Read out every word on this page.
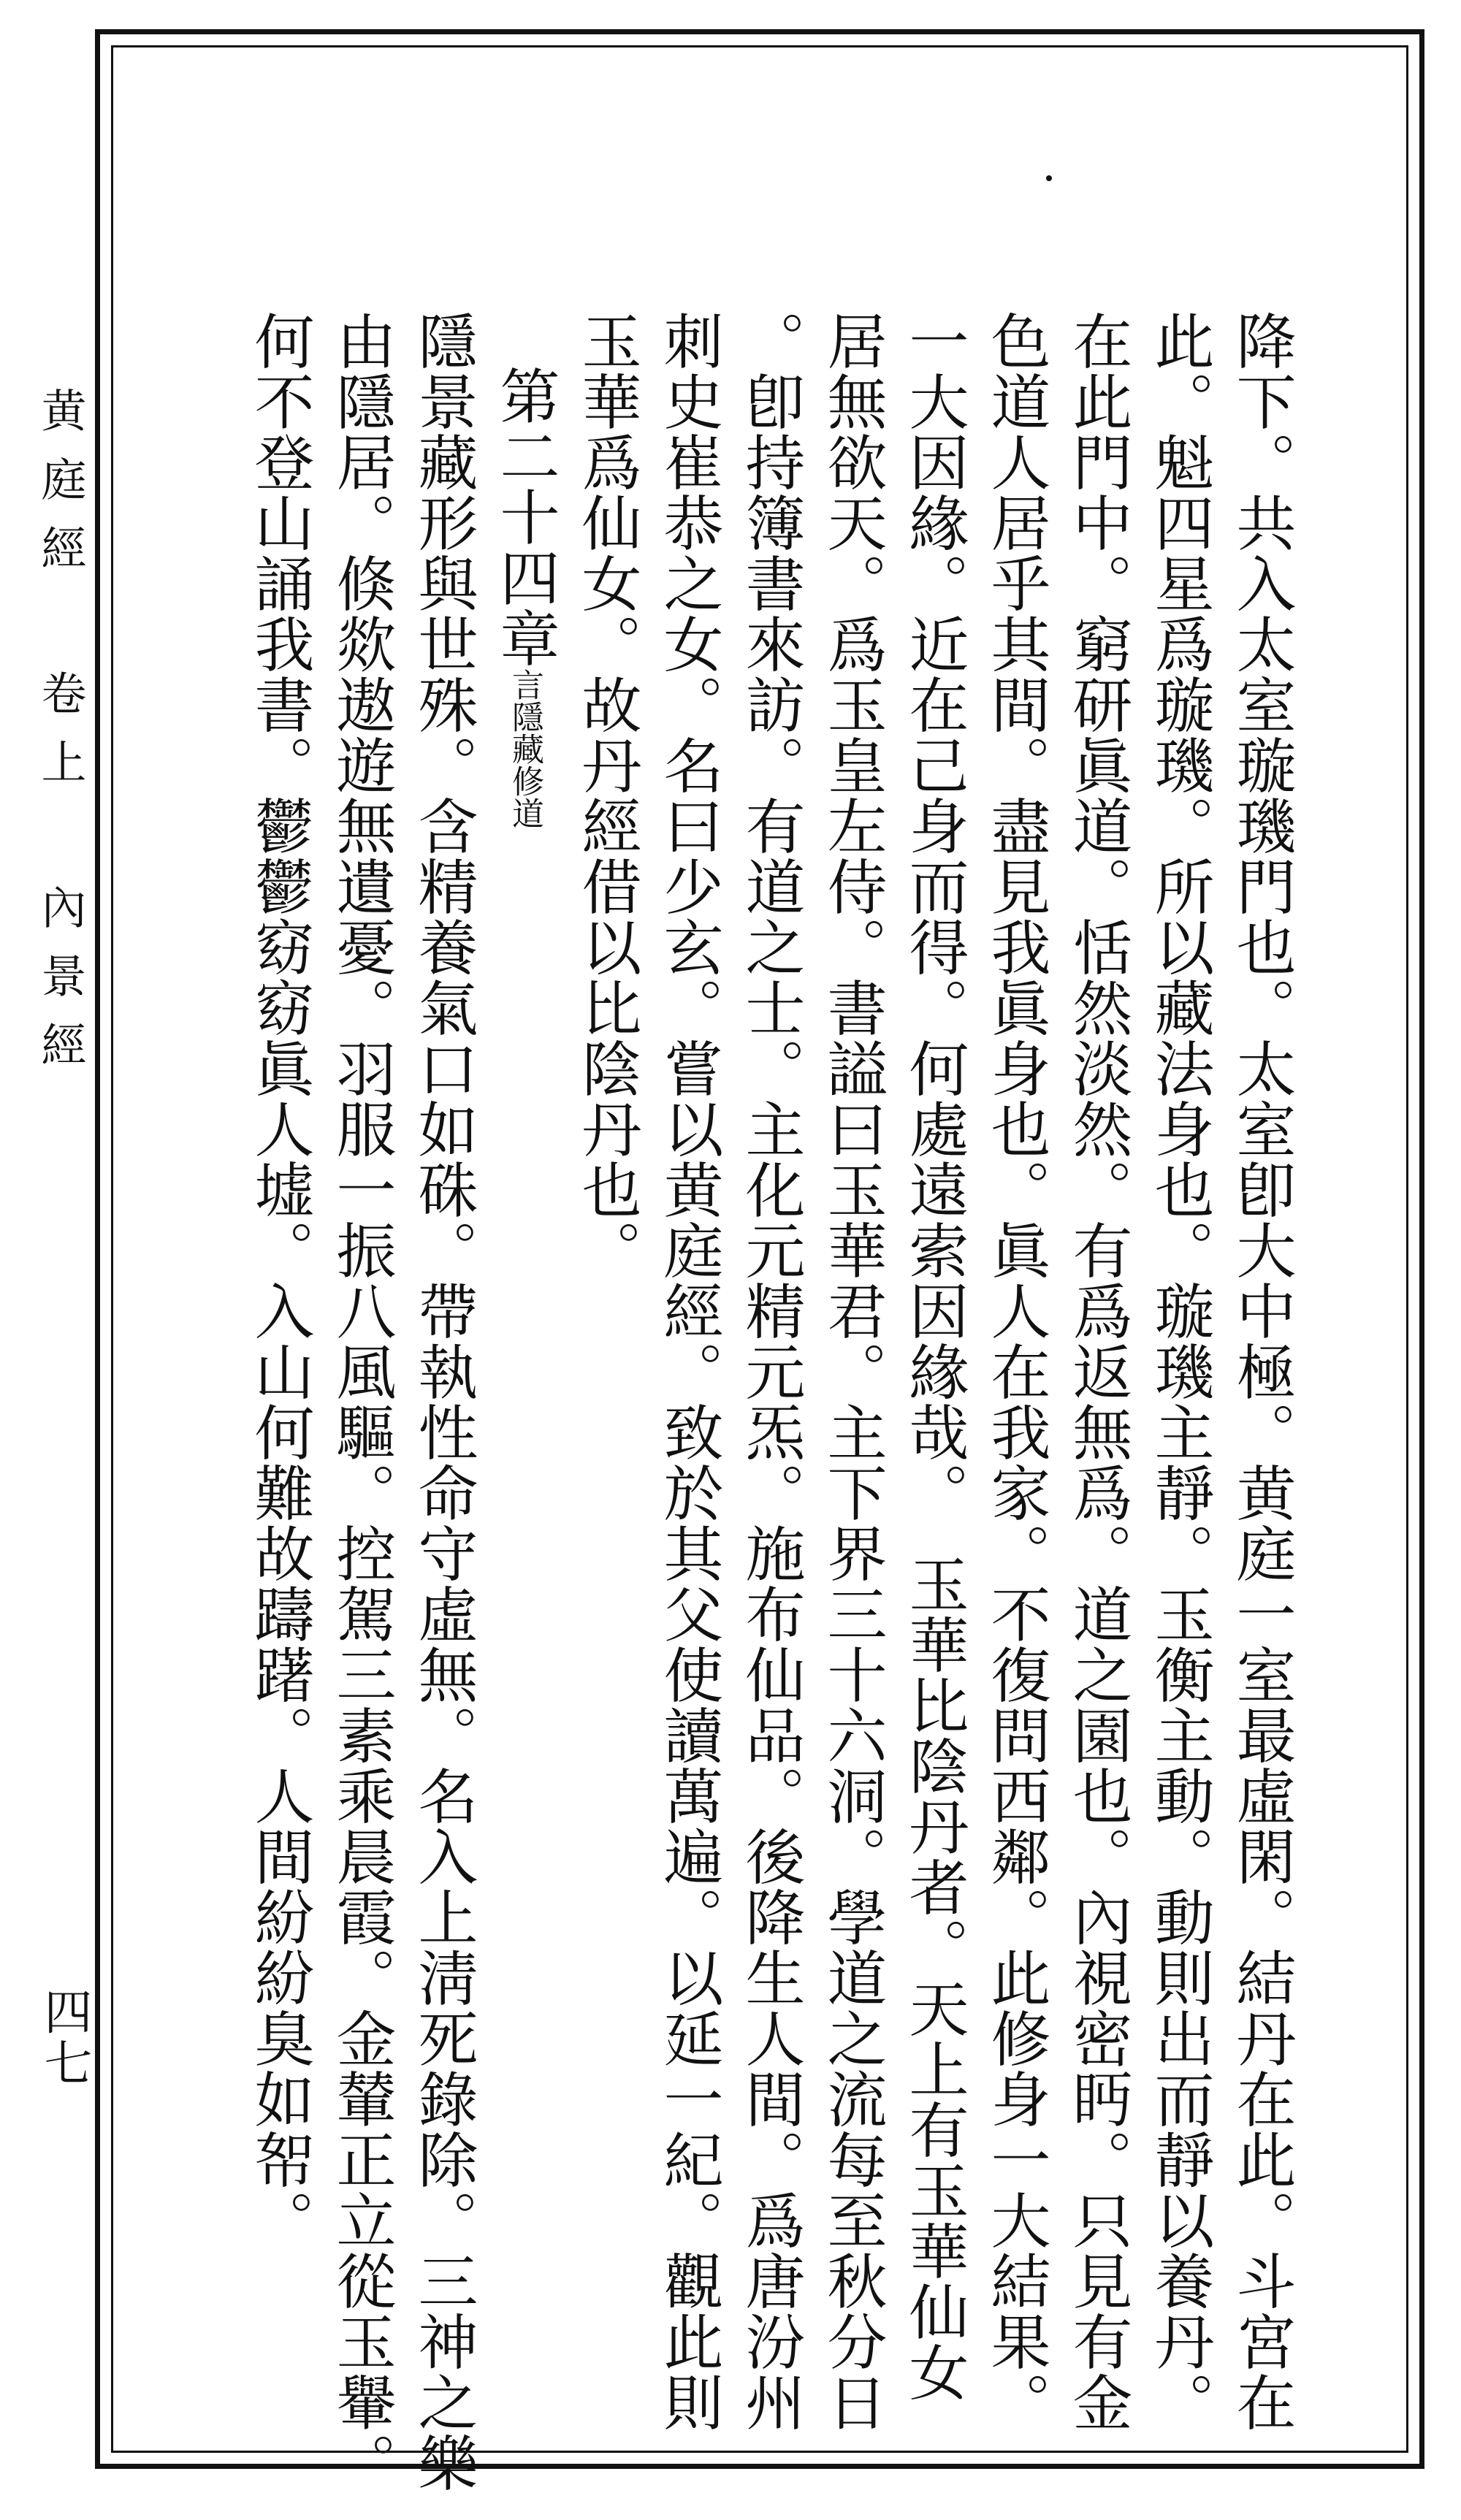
降下。共入太室璇璣門也。太室卽大中極。黄庭一室最虛閑。結丹在此。斗宮在
此。魁四星爲璇璣。所以藏法身也。璇璣主靜。玉衡主動。動則出而靜以養丹。
在此門中。窮研眞道。恬然淡然。有爲返無爲。道之園也。內視密眄。只見有金
色道人居乎其間。盡見我眞身也。眞人在我家。不復問西鄰。此修身一大結果。
一大因緣。近在己身而得。何處遠索因緣哉。　玉華比陰丹者。天上有玉華仙女
居無欲天。爲玉皇左侍。書謚曰玉華君。主下界三十六洞。學道之流每至秋分日
。卽持簿書來訪。有道之士。主化元精元炁。施布仙品。後降生人間。爲唐汾州
刺史崔恭之女。名曰少玄。嘗以黄庭經。致於其父使讀萬遍。以延一紀。觀此則
玉華爲仙女。故丹經借以比陰丹也。
第二十四章言隱藏修道
隱景藏形與世殊。含精養氣口如硃。帶執性命守虛無。名入上淸死錄除。三神之樂
由隱居。倏欻遨遊無遺憂。羽服一振八風驅。控駕三素乘晨霞。金輦正立從玉轝。
何不登山誦我書。鬱鬱窈窈眞人墟。入山何難故躊躇。人間紛紛臭如帤。
黄庭經 卷上 內景經
四七
